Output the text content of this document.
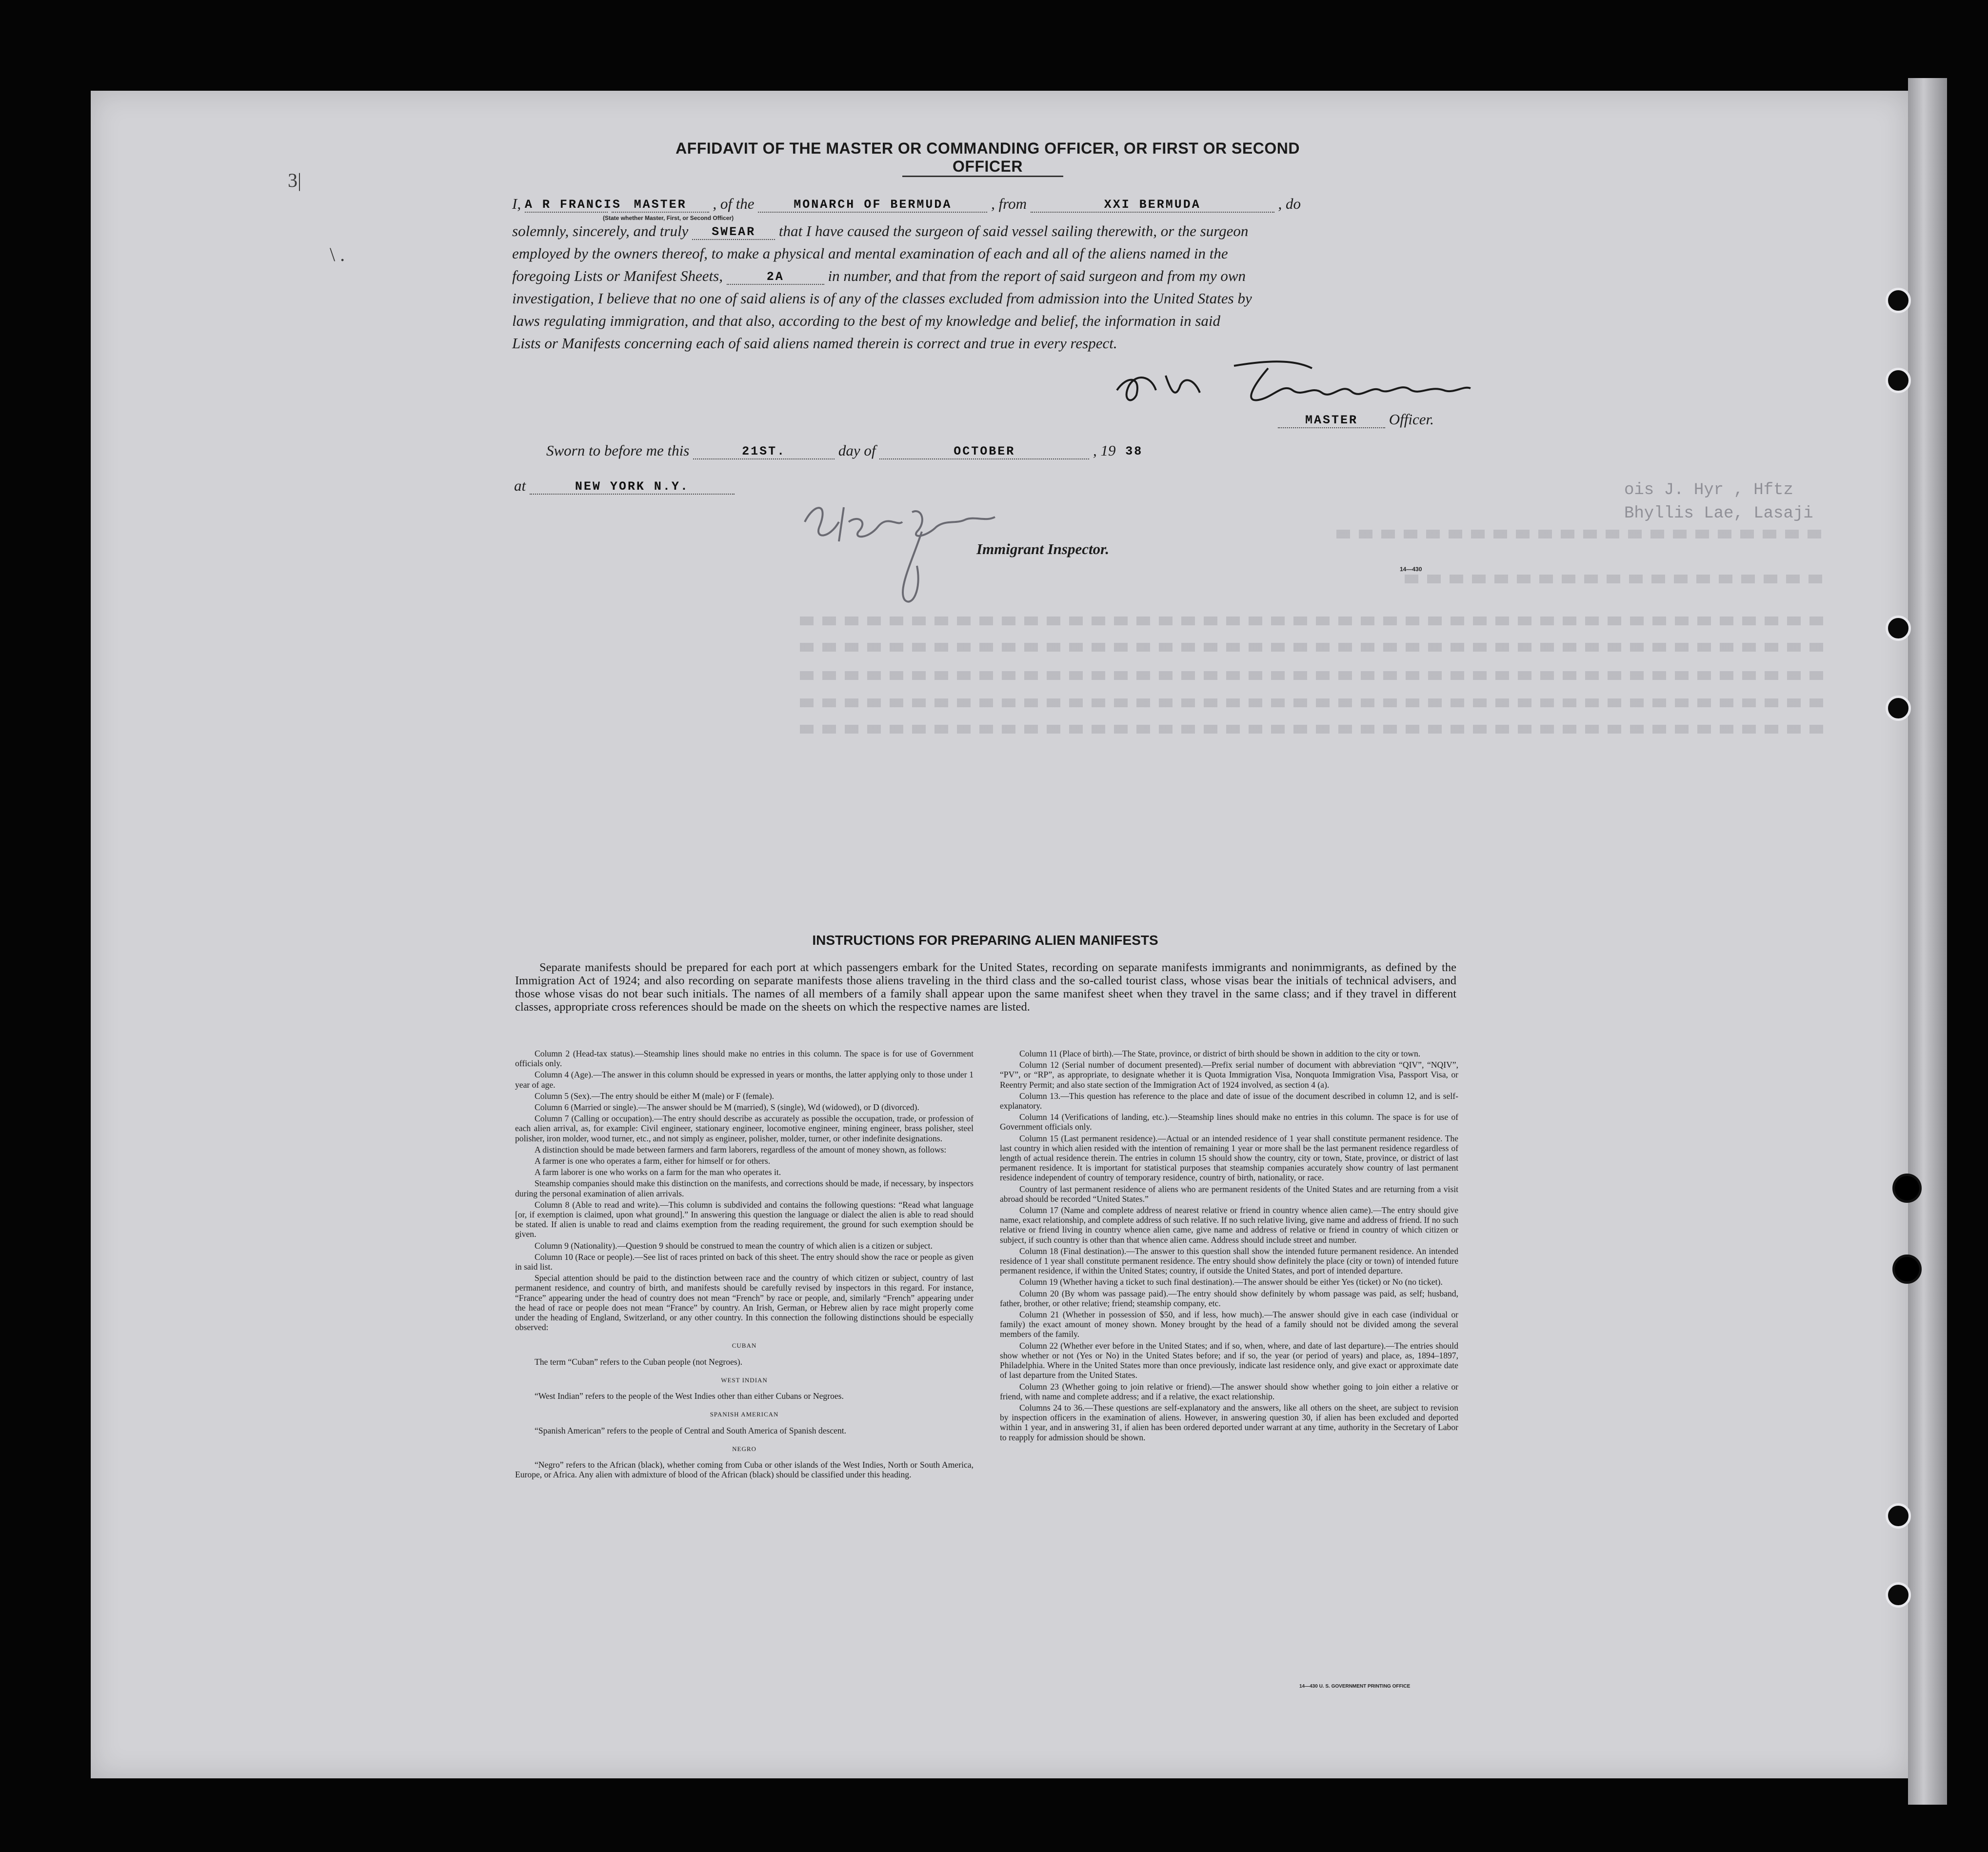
ois J. Hyr , Hftz
Bhyllis Lae, Lasaji
3|
\ .
AFFIDAVIT OF THE MASTER OR COMMANDING OFFICER, OR FIRST OR SECOND OFFICER
I, A R FRANCIS MASTER , of the	MONARCH OF BERMUDA	, from	XXI BERMUDA	, do
(State whether Master, First, or Second Officer)
solemnly, sincerely, and truly SWEAR that I have caused the surgeon of said vessel sailing therewith, or the surgeon
employed by the owners thereof, to make a physical and mental examination of each and all of the aliens named in the
foregoing Lists or Manifest Sheets,	2A	in number, and that from the report of said surgeon and from my own
investigation, I believe that no one of said aliens is of any of the classes excluded from admission into the United States by
laws regulating immigration, and that also, according to the best of my knowledge and belief, the information in said
Lists or Manifests concerning each of said aliens named therein is correct and true in every respect.
MASTER Officer.
Sworn to before me this	21ST.	day of	OCTOBER	, 19 38
at	NEW YORK N.Y.
Immigrant Inspector.
14—430
INSTRUCTIONS FOR PREPARING ALIEN MANIFESTS
Separate manifests should be prepared for each port at which passengers embark for the United States, recording on separate manifests immigrants and nonimmigrants, as defined by the Immigration Act of 1924; and also recording on separate manifests those aliens traveling in the third class and the so-called tourist class, whose visas bear the initials of technical advisers, and those whose visas do not bear such initials. The names of all members of a family shall appear upon the same manifest sheet when they travel in the same class; and if they travel in different classes, appropriate cross references should be made on the sheets on which the respective names are listed.

Column 2 (Head-tax status).—Steamship lines should make no entries in this column. The space is for use of Government officials only.

Column 4 (Age).—The answer in this column should be expressed in years or months, the latter applying only to those under 1 year of age.

Column 5 (Sex).—The entry should be either M (male) or F (female).

Column 6 (Married or single).—The answer should be M (married), S (single), Wd (widowed), or D (divorced).

Column 7 (Calling or occupation).—The entry should describe as accurately as possible the occupation, trade, or profession of each alien arrival, as, for example: Civil engineer, stationary engineer, locomotive engineer, mining engineer, brass polisher, steel polisher, iron molder, wood turner, etc., and not simply as engineer, polisher, molder, turner, or other indefinite designations.

A distinction should be made between farmers and farm laborers, regardless of the amount of money shown, as follows:

A farmer is one who operates a farm, either for himself or for others.

A farm laborer is one who works on a farm for the man who operates it.

Steamship companies should make this distinction on the manifests, and corrections should be made, if necessary, by inspectors during the personal examination of alien arrivals.

Column 8 (Able to read and write).—This column is subdivided and contains the following questions: “Read what language [or, if exemption is claimed, upon what ground].” In answering this question the language or dialect the alien is able to read should be stated. If alien is unable to read and claims exemption from the reading requirement, the ground for such exemption should be given.

Column 9 (Nationality).—Question 9 should be construed to mean the country of which alien is a citizen or subject.

Column 10 (Race or people).—See list of races printed on back of this sheet. The entry should show the race or people as given in said list.

Special attention should be paid to the distinction between race and the country of which citizen or subject, country of last permanent residence, and country of birth, and manifests should be carefully revised by inspectors in this regard. For instance, “France” appearing under the head of country does not mean “French” by race or people, and, similarly “French” appearing under the head of race or people does not mean “France” by country. An Irish, German, or Hebrew alien by race might properly come under the heading of England, Switzerland, or any other country. In this connection the following distinctions should be especially observed:

CUBAN

The term “Cuban” refers to the Cuban people (not Negroes).

WEST INDIAN

“West Indian” refers to the people of the West Indies other than either Cubans or Negroes.

SPANISH AMERICAN

“Spanish American” refers to the people of Central and South America of Spanish descent.

NEGRO

“Negro” refers to the African (black), whether coming from Cuba or other islands of the West Indies, North or South America, Europe, or Africa. Any alien with admixture of blood of the African (black) should be classified under this heading.

Column 11 (Place of birth).—The State, province, or district of birth should be shown in addition to the city or town.

Column 12 (Serial number of document presented).—Prefix serial number of document with abbreviation “QIV”, “NQIV”, “PV”, or “RP”, as appropriate, to designate whether it is Quota Immigration Visa, Nonquota Immigration Visa, Passport Visa, or Reentry Permit; and also state section of the Immigration Act of 1924 involved, as section 4 (a).

Column 13.—This question has reference to the place and date of issue of the document described in column 12, and is self-explanatory.

Column 14 (Verifications of landing, etc.).—Steamship lines should make no entries in this column. The space is for use of Government officials only.

Column 15 (Last permanent residence).—Actual or an intended residence of 1 year shall constitute permanent residence. The last country in which alien resided with the intention of remaining 1 year or more shall be the last permanent residence regardless of length of actual residence therein. The entries in column 15 should show the country, city or town, State, province, or district of last permanent residence. It is important for statistical purposes that steamship companies accurately show country of last permanent residence independent of country of temporary residence, country of birth, nationality, or race.

Country of last permanent residence of aliens who are permanent residents of the United States and are returning from a visit abroad should be recorded “United States.”

Column 17 (Name and complete address of nearest relative or friend in country whence alien came).—The entry should give name, exact relationship, and complete address of such relative. If no such relative living, give name and address of friend. If no such relative or friend living in country whence alien came, give name and address of relative or friend in country of which citizen or subject, if such country is other than that whence alien came. Address should include street and number.

Column 18 (Final destination).—The answer to this question shall show the intended future permanent residence. An intended residence of 1 year shall constitute permanent residence. The entry should show definitely the place (city or town) of intended future permanent residence, if within the United States; country, if outside the United States, and port of intended departure.

Column 19 (Whether having a ticket to such final destination).—The answer should be either Yes (ticket) or No (no ticket).

Column 20 (By whom was passage paid).—The entry should show definitely by whom passage was paid, as self; husband, father, brother, or other relative; friend; steamship company, etc.

Column 21 (Whether in possession of $50, and if less, how much).—The answer should give in each case (individual or family) the exact amount of money shown. Money brought by the head of a family should not be divided among the several members of the family.

Column 22 (Whether ever before in the United States; and if so, when, where, and date of last departure).—The entries should show whether or not (Yes or No) in the United States before; and if so, the year (or period of years) and place, as, 1894–1897, Philadelphia. Where in the United States more than once previously, indicate last residence only, and give exact or approximate date of last departure from the United States.

Column 23 (Whether going to join relative or friend).—The answer should show whether going to join either a relative or friend, with name and complete address; and if a relative, the exact relationship.

Columns 24 to 36.—These questions are self-explanatory and the answers, like all others on the sheet, are subject to revision by inspection officers in the examination of aliens. However, in answering question 30, if alien has been excluded and deported within 1 year, and in answering 31, if alien has been ordered deported under warrant at any time, authority in the Secretary of Labor to reapply for admission should be shown.

14—430 U. S. GOVERNMENT PRINTING OFFICE
